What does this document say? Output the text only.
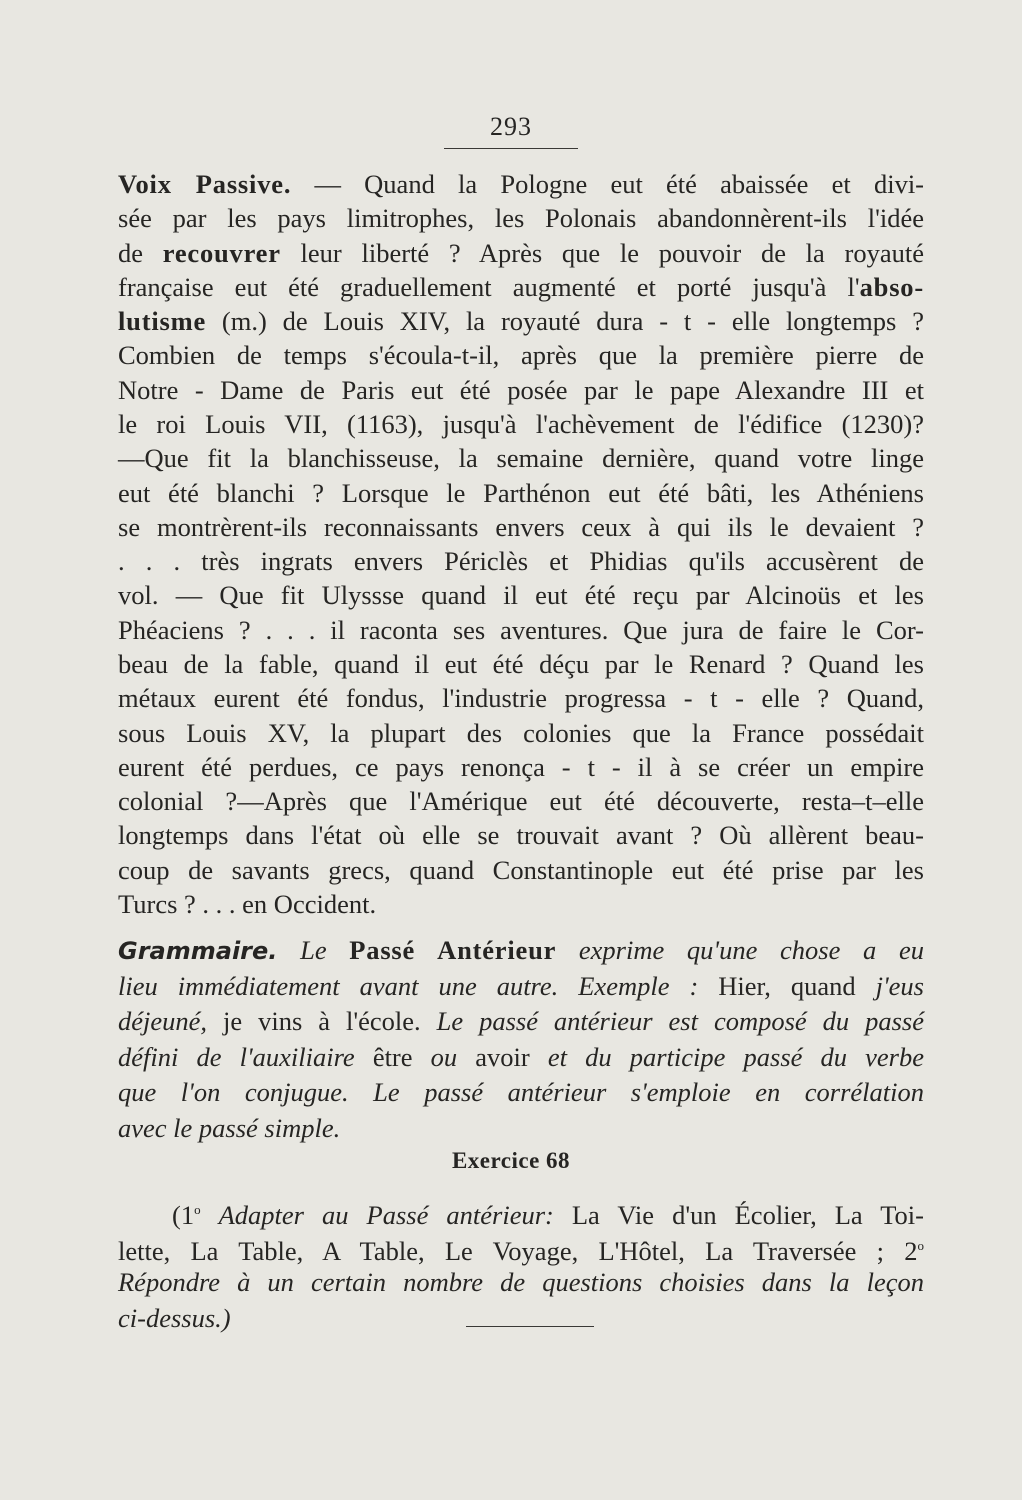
293
Voix Passive. — Quand la Pologne eut été abaissée et divi-
sée par les pays limitrophes, les Polonais abandonnèrent-ils l'idée
de recouvrer leur liberté ? Après que le pouvoir de la royauté
française eut été graduellement augmenté et porté jusqu'à l'abso-
lutisme (m.) de Louis XIV, la royauté dura - t - elle longtemps ?
Combien de temps s'écoula-t-il, après que la première pierre de
Notre - Dame de Paris eut été posée par le pape Alexandre III et
le roi Louis VII, (1163), jusqu'à l'achèvement de l'édifice (1230)?
—Que fit la blanchisseuse, la semaine dernière, quand votre linge
eut été blanchi ? Lorsque le Parthénon eut été bâti, les Athéniens
se montrèrent-ils reconnaissants envers ceux à qui ils le devaient ?
. . . très ingrats envers Périclès et Phidias qu'ils accusèrent de
vol. — Que fit Ulyssse quand il eut été reçu par Alcinoüs et les
Phéaciens ? . . . il raconta ses aventures. Que jura de faire le Cor-
beau de la fable, quand il eut été déçu par le Renard ? Quand les
métaux eurent été fondus, l'industrie progressa - t - elle ? Quand,
sous Louis XV, la plupart des colonies que la France possédait
eurent été perdues, ce pays renonça - t - il à se créer un empire
colonial ?—Après que l'Amérique eut été découverte, resta–t–elle
longtemps dans l'état où elle se trouvait avant ? Où allèrent beau-
coup de savants grecs, quand Constantinople eut été prise par les
Turcs ? . . . en Occident.
Grammaire. Le Passé Antérieur exprime qu'une chose a eu
lieu immédiatement avant une autre. Exemple : Hier, quand j'eus
déjeuné, je vins à l'école. Le passé antérieur est composé du passé
défini de l'auxiliaire être ou avoir et du participe passé du verbe
que l'on conjugue. Le passé antérieur s'emploie en corrélation
avec le passé simple.
Exercice 68
(1$^o$ Adapter au Passé antérieur: La Vie d'un Écolier, La Toi-
lette, La Table, A Table, Le Voyage, L'Hôtel, La Traversée ; 2$^o$
Répondre à un certain nombre de questions choisies dans la leçon
ci-dessus.)
